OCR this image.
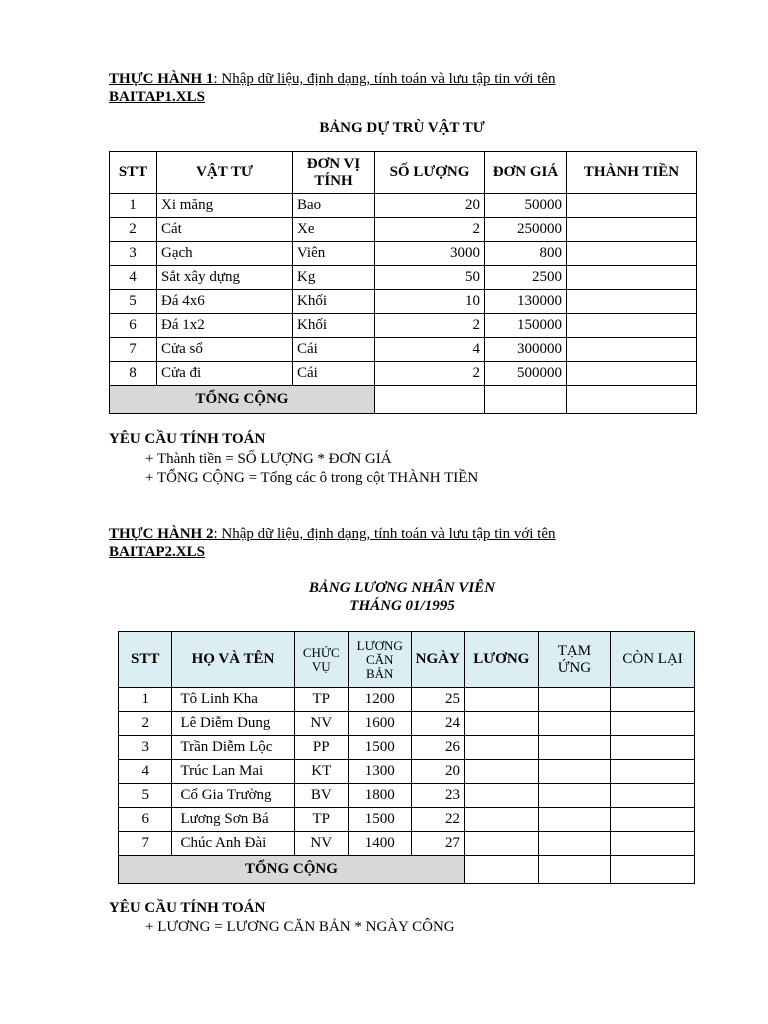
THỰC HÀNH 1: Nhập dữ liệu, định dạng, tính toán và lưu tập tin với tên
BAITAP1.XLS
BẢNG DỰ TRÙ VẬT TƯ
STT	VẬT TƯ	ĐƠN VỊ TÍNH	SỐ LƯỢNG	ĐƠN GIÁ	THÀNH TIỀN
1	Xi măng	Bao	20	50000	
2	Cát	Xe	2	250000	
3	Gạch	Viên	3000	800	
4	Sắt xây dựng	Kg	50	2500	
5	Đá 4x6	Khối	10	130000	
6	Đá 1x2	Khối	2	150000	
7	Cửa sổ	Cái	4	300000	
8	Cửa đi	Cái	2	500000	
TỔNG CỘNG					
YÊU CẦU TÍNH TOÁN
+ Thành tiền = SỐ LƯỢNG * ĐƠN GIÁ
+ TỔNG CỘNG = Tổng các ô trong cột THÀNH TIỀN
THỰC HÀNH 2: Nhập dữ liệu, định dạng, tính toán và lưu tập tin với tên
BAITAP2.XLS
BẢNG LƯƠNG NHÂN VIÊN
THÁNG 01/1995
STT	HỌ VÀ TÊN	CHỨC VỤ	LƯƠNG CĂN BẢN	NGÀY	LƯƠNG	TẠM ỨNG	CÒN LẠI
1	Tô Linh Kha	TP	1200	25			
2	Lê Diễm Dung	NV	1600	24			
3	Trần Diễm Lộc	PP	1500	26			
4	Trúc Lan Mai	KT	1300	20			
5	Cổ Gia Trường	BV	1800	23			
6	Lương Sơn Bá	TP	1500	22			
7	Chúc Anh Đài	NV	1400	27			
TỔNG CỘNG							
YÊU CẦU TÍNH TOÁN
+ LƯƠNG = LƯƠNG CĂN BẢN * NGÀY CÔNG
